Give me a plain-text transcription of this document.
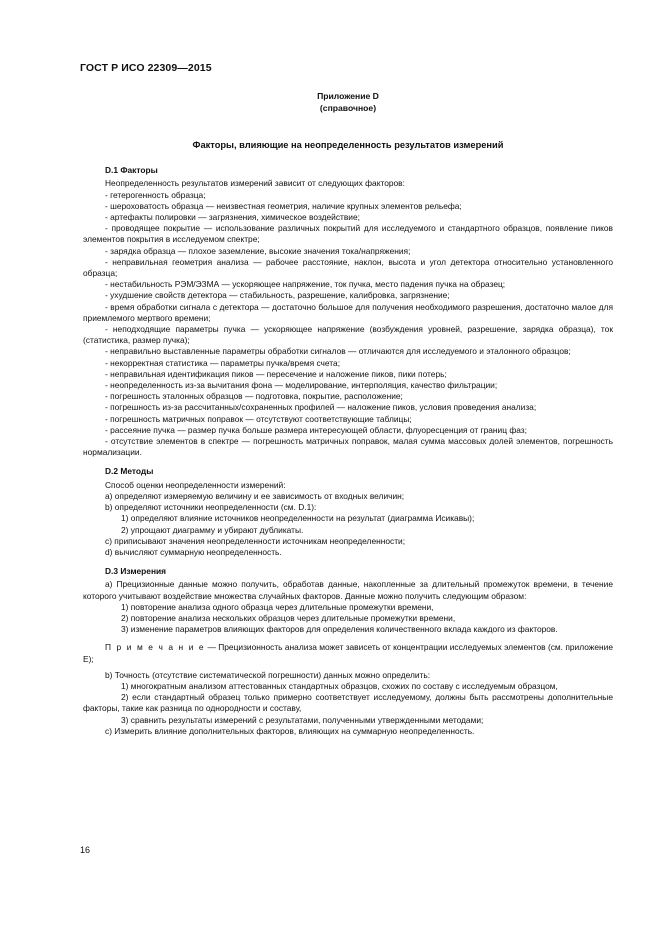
ГОСТ Р ИСО 22309—2015
Приложение D
(справочное)
Факторы, влияющие на неопределенность результатов измерений
D.1 Факторы

Неопределенность результатов измерений зависит от следующих факторов:

- гетерогенность образца;

- шероховатость образца — неизвестная геометрия, наличие крупных элементов рельефа;

- артефакты полировки — загрязнения, химическое воздействие;

- проводящее покрытие — использование различных покрытий для исследуемого и стандартного образцов, появление пиков элементов покрытия в исследуемом спектре;

- зарядка образца — плохое заземление, высокие значения тока/напряжения;

- неправильная геометрия анализа — рабочее расстояние, наклон, высота и угол детектора относительно установленного образца;

- нестабильность РЭМ/ЭЗМА — ускоряющее напряжение, ток пучка, место падения пучка на образец;

- ухудшение свойств детектора — стабильность, разрешение, калибровка, загрязнение;

- время обработки сигнала с детектора — достаточно большое для получения необходимого разрешения, достаточно малое для приемлемого мертвого времени;

- неподходящие параметры пучка — ускоряющее напряжение (возбуждения уровней, разрешение, зарядка образца), ток (статистика, размер пучка);

- неправильно выставленные параметры обработки сигналов — отличаются для исследуемого и эталонного образцов;

- некорректная статистика — параметры пучка/время счета;

- неправильная идентификация пиков — пересечение и наложение пиков, пики потерь;

- неопределенность из-за вычитания фона — моделирование, интерполяция, качество фильтрации;

- погрешность эталонных образцов — подготовка, покрытие, расположение;

- погрешность из-за рассчитанных/сохраненных профилей — наложение пиков, условия проведения анализа;

- погрешность матричных поправок — отсутствуют соответствующие таблицы;

- рассеяние пучка — размер пучка больше размера интересующей области, флуоресценция от границ фаз;

- отсутствие элементов в спектре — погрешность матричных поправок, малая сумма массовых долей элементов, погрешность нормализации.

D.2 Методы

Способ оценки неопределенности измерений:

a) определяют измеряемую величину и ее зависимость от входных величин;

b) определяют источники неопределенности (см. D.1):

1) определяют влияние источников неопределенности на результат (диаграмма Исикавы);

2) упрощают диаграмму и убирают дубликаты.

c) приписывают значения неопределенности источникам неопределенности;

d) вычисляют суммарную неопределенность.

D.3 Измерения

a) Прецизионные данные можно получить, обработав данные, накопленные за длительный промежуток времени, в течение которого учитывают воздействие множества случайных факторов. Данные можно получить следующим образом:

1) повторение анализа одного образца через длительные промежутки времени,

2) повторение анализа нескольких образцов через длительные промежутки времени,

3) изменение параметров влияющих факторов для определения количественного вклада каждого из факторов.

П р и м е ч а н и е — Прецизионность анализа может зависеть от концентрации исследуемых элементов (см. приложение Е);

b) Точность (отсутствие систематической погрешности) данных можно определить:

1) многократным анализом аттестованных стандартных образцов, схожих по составу с исследуемым образцом,

2) если стандартный образец только примерно соответствует исследуемому, должны быть рассмотрены дополнительные факторы, такие как разница по однородности и составу,

3) сравнить результаты измерений с результатами, полученными утвержденными методами;

c) Измерить влияние дополнительных факторов, влияющих на суммарную неопределенность.

16
